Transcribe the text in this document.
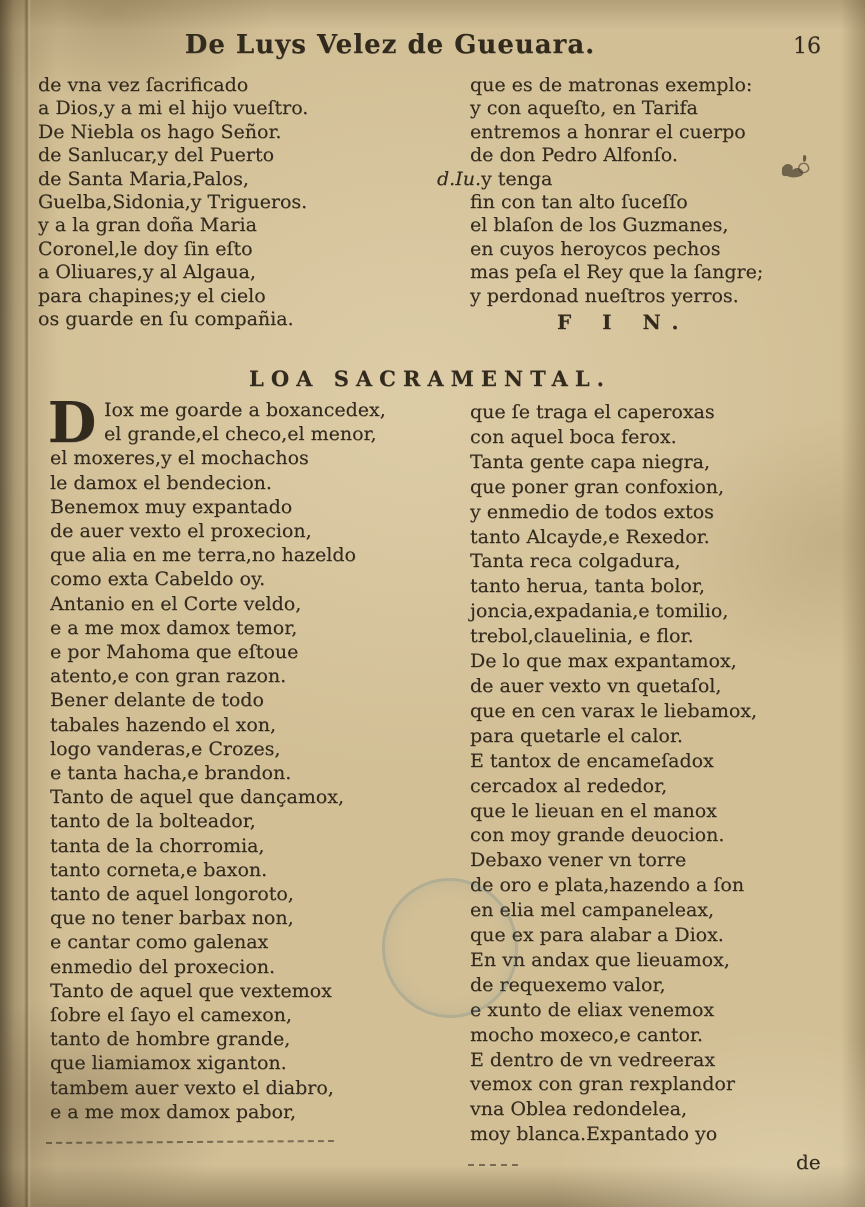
De Luys Velez de Gueuara.	16
de vna vez ſacrificado
a Dios,y a mi el hijo vueſtro.
De Niebla os hago Señor.
de Sanlucar,y del Puerto
de Santa Maria,Palos,
Guelba,Sidonia,y Trigueros.
y a la gran doña Maria
Coronel,le doy ſin eſto
a Oliuares,y al Algaua,
para chapines;y el cielo
os guarde en ſu compañia.
que es de matronas exemplo:
y con aqueſto, en Tarifa
entremos a honrar el cuerpo
de don Pedro Alfonſo.
d.Iu.y tenga
fin con tan alto ſuceſſo
el blaſon de los Guzmanes,
en cuyos heroycos pechos
mas peſa el Rey que la ſangre;
y perdonad nueſtros yerros.
F I N.
LOA SACRAMENTAL.
D Iox me goarde a boxancedex,
el grande,el checo,el menor,
el moxeres,y el mochachos
le damox el bendecion.
Benemox muy expantado
de auer vexto el proxecion,
que alia en me terra,no hazeldo
como exta Cabeldo oy.
Antanio en el Corte veldo,
e a me mox damox temor,
e por Mahoma que eſtoue
atento,e con gran razon.
Bener delante de todo
tabales hazendo el xon,
logo vanderas,e Crozes,
e tanta hacha,e brandon.
Tanto de aquel que dançamox,
tanto de la bolteador,
tanta de la chorromia,
tanto corneta,e baxon.
tanto de aquel longoroto,
que no tener barbax non,
e cantar como galenax
enmedio del proxecion.
Tanto de aquel que vextemox
ſobre el ſayo el camexon,
tanto de hombre grande,
que liamiamox xiganton.
tambem auer vexto el diabro,
e a me mox damox pabor,
que ſe traga el caperoxas
con aquel boca ferox.
Tanta gente capa niegra,
que poner gran confoxion,
y enmedio de todos extos
tanto Alcayde,e Rexedor.
Tanta reca colgadura,
tanto herua, tanta bolor,
joncia,expadania,e tomilio,
trebol,clauelinia, e flor.
De lo que max expantamox,
de auer vexto vn quetaſol,
que en cen varax le liebamox,
para quetarle el calor.
E tantox de encameſadox
cercadox al rededor,
que le lieuan en el manox
con moy grande deuocion.
Debaxo vener vn torre
de oro e plata,hazendo a ſon
en elia mel campaneleax,
que ex para alabar a Diox.
En vn andax que lieuamox,
de requexemo valor,
e xunto de eliax venemox
mocho moxeco,e cantor.
E dentro de vn vedreerax
vemox con gran rexplandor
vna Oblea redondelea,
moy blanca.Expantado yo
de
